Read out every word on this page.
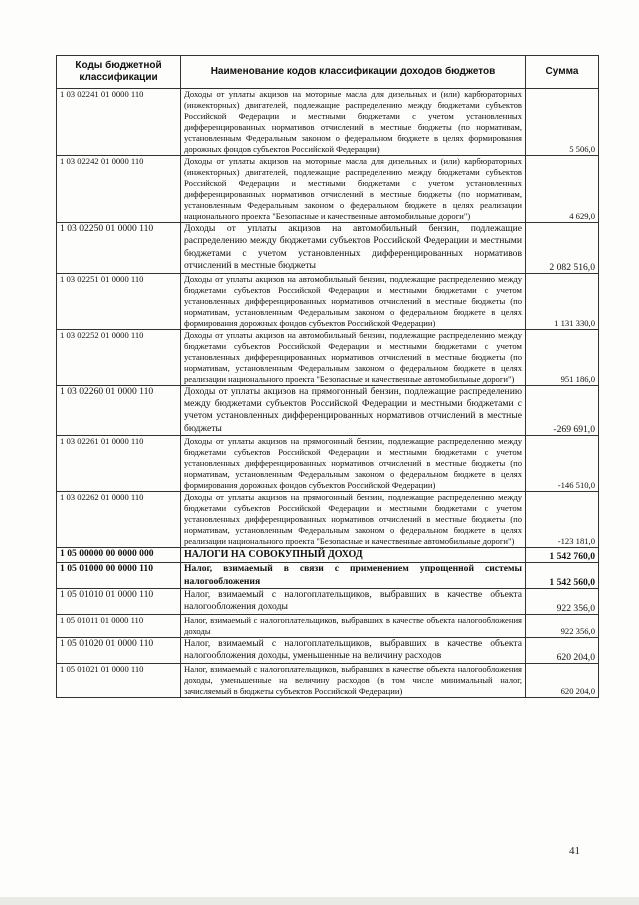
Коды бюджетной классификации	Наименование кодов классификации доходов бюджетов	Сумма
1 03 02241 01 0000 110	Доходы от уплаты акцизов на моторные масла для дизельных и (или) карбюраторных (инжекторных) двигателей, подлежащие распределению между бюджетами субъектов Российской Федерации и местными бюджетами с учетом установленных дифференцированных нормативов отчислений в местные бюджеты (по нормативам, установленным Федеральным законом о федеральном бюджете в целях формирования дорожных фондов субъектов Российской Федерации)	5 506,0
1 03 02242 01 0000 110	Доходы от уплаты акцизов на моторные масла для дизельных и (или) карбюраторных (инжекторных) двигателей, подлежащие распределению между бюджетами субъектов Российской Федерации и местными бюджетами с учетом установленных дифференцированных нормативов отчислений в местные бюджеты (по нормативам, установленным Федеральным законом о федеральном бюджете в целях реализации национального проекта "Безопасные и качественные автомобильные дороги")	4 629,0
1 03 02250 01 0000 110	Доходы от уплаты акцизов на автомобильный бензин, подлежащие распределению между бюджетами субъектов Российской Федерации и местными бюджетами с учетом установленных дифференцированных нормативов отчислений в местные бюджеты	2 082 516,0
1 03 02251 01 0000 110	Доходы от уплаты акцизов на автомобильный бензин, подлежащие распределению между бюджетами субъектов Российской Федерации и местными бюджетами с учетом установленных дифференцированных нормативов отчислений в местные бюджеты (по нормативам, установленным Федеральным законом о федеральном бюджете в целях формирования дорожных фондов субъектов Российской Федерации)	1 131 330,0
1 03 02252 01 0000 110	Доходы от уплаты акцизов на автомобильный бензин, подлежащие распределению между бюджетами субъектов Российской Федерации и местными бюджетами с учетом установленных дифференцированных нормативов отчислений в местные бюджеты (по нормативам, установленным Федеральным законом о федеральном бюджете в целях реализации национального проекта "Безопасные и качественные автомобильные дороги")	951 186,0
1 03 02260 01 0000 110	Доходы от уплаты акцизов на прямогонный бензин, подлежащие распределению между бюджетами субъектов Российской Федерации и местными бюджетами с учетом установленных дифференцированных нормативов отчислений в местные бюджеты	-269 691,0
1 03 02261 01 0000 110	Доходы от уплаты акцизов на прямогонный бензин, подлежащие распределению между бюджетами субъектов Российской Федерации и местными бюджетами с учетом установленных дифференцированных нормативов отчислений в местные бюджеты (по нормативам, установленным Федеральным законом о федеральном бюджете в целях формирования дорожных фондов субъектов Российской Федерации)	-146 510,0
1 03 02262 01 0000 110	Доходы от уплаты акцизов на прямогонный бензин, подлежащие распределению между бюджетами субъектов Российской Федерации и местными бюджетами с учетом установленных дифференцированных нормативов отчислений в местные бюджеты (по нормативам, установленным Федеральным законом о федеральном бюджете в целях реализации национального проекта "Безопасные и качественные автомобильные дороги")	-123 181,0
1 05 00000 00 0000 000	НАЛОГИ НА СОВОКУПНЫЙ ДОХОД	1 542 760,0
1 05 01000 00 0000 110	Налог, взимаемый в связи с применением упрощенной системы налогообложения	1 542 560,0
1 05 01010 01 0000 110	Налог, взимаемый с налогоплательщиков, выбравших в качестве объекта налогообложения доходы	922 356,0
1 05 01011 01 0000 110	Налог, взимаемый с налогоплательщиков, выбравших в качестве объекта налогообложения доходы	922 356,0
1 05 01020 01 0000 110	Налог, взимаемый с налогоплательщиков, выбравших в качестве объекта налогообложения доходы, уменьшенные на величину расходов	620 204,0
1 05 01021 01 0000 110	Налог, взимаемый с налогоплательщиков, выбравших в качестве объекта налогообложения доходы, уменьшенные на величину расходов (в том числе минимальный налог, зачисляемый в бюджеты субъектов Российской Федерации)	620 204,0
41
